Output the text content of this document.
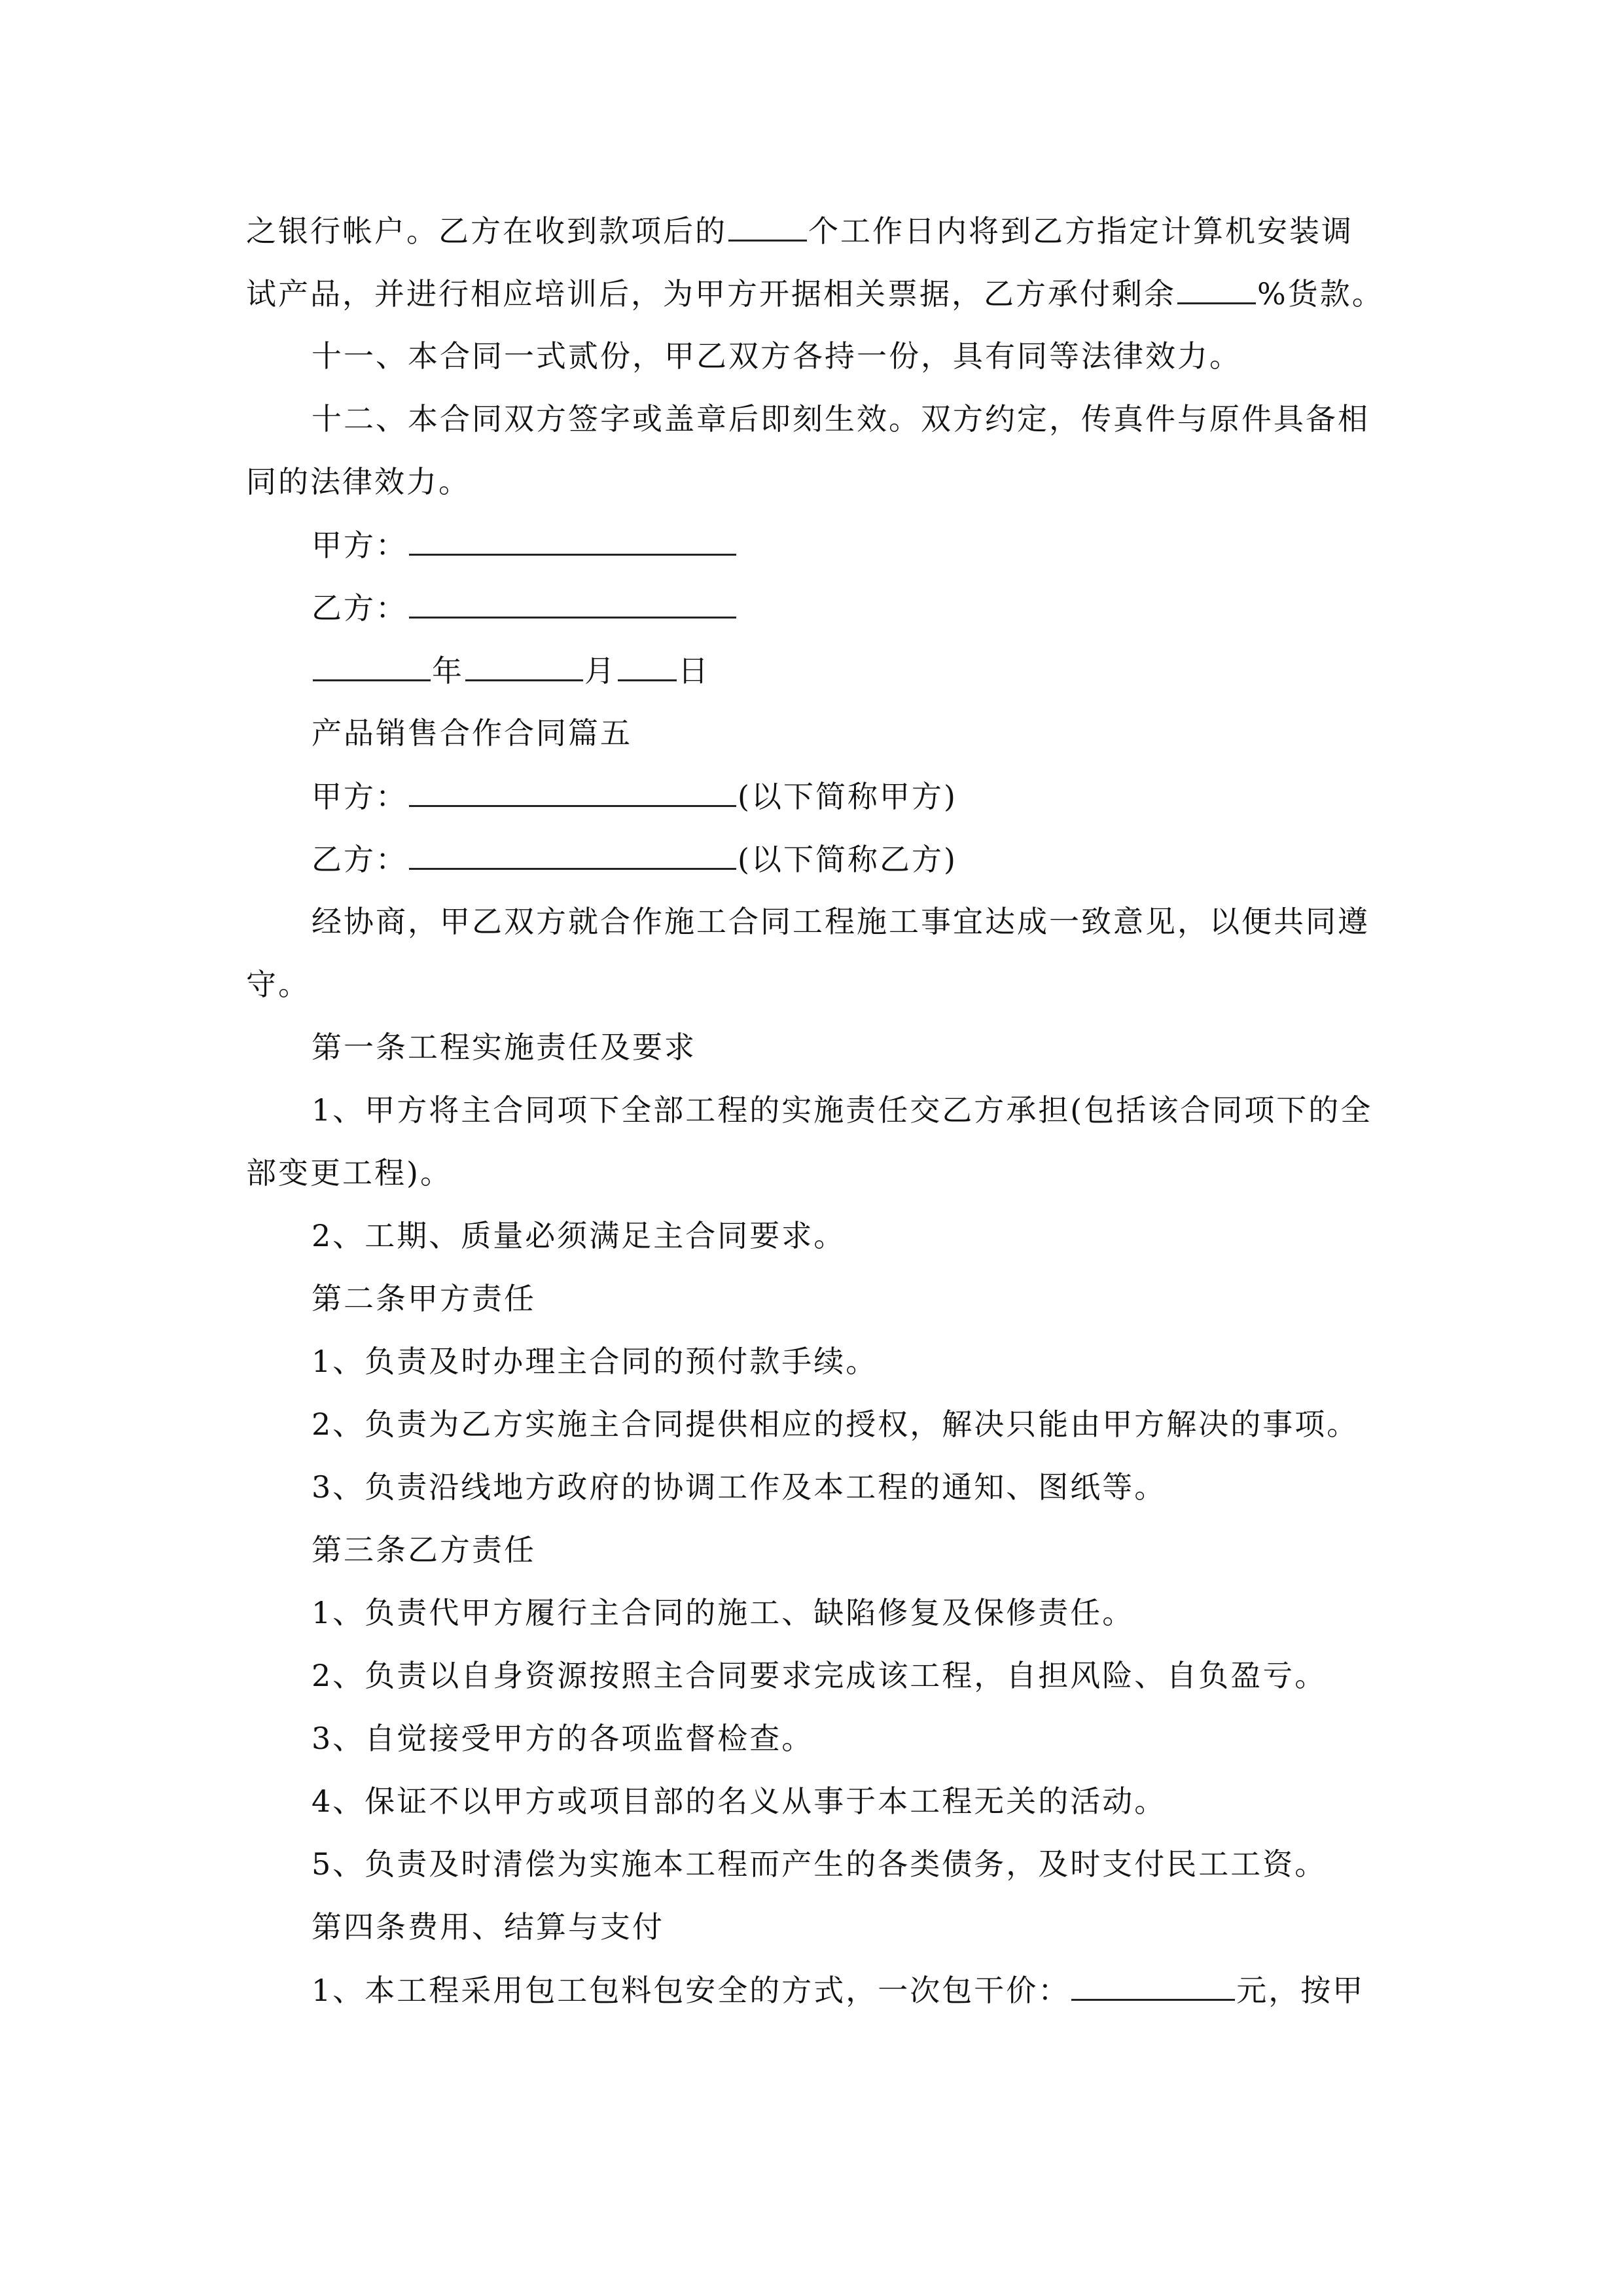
之银行帐户。乙方在收到款项后的	个工作日内将到乙方指定计算机安装调
试产品，并进行相应培训后，为甲方开据相关票据，乙方承付剩余	%货款。
十一、本合同一式贰份，甲乙双方各持一份，具有同等法律效力。
十二、本合同双方签字或盖章后即刻生效。双方约定，传真件与原件具备相
同的法律效力。
甲方：
乙方：
年	月 日
产品销售合作合同篇五
甲方：	(以下简称甲方)
乙方：	(以下简称乙方)
经协商，甲乙双方就合作施工合同工程施工事宜达成一致意见，以便共同遵
守。
第一条工程实施责任及要求
1、甲方将主合同项下全部工程的实施责任交乙方承担(包括该合同项下的全
部变更工程)。
2、工期、质量必须满足主合同要求。
第二条甲方责任
1、负责及时办理主合同的预付款手续。
2、负责为乙方实施主合同提供相应的授权，解决只能由甲方解决的事项。
3、负责沿线地方政府的协调工作及本工程的通知、图纸等。
第三条乙方责任
1、负责代甲方履行主合同的施工、缺陷修复及保修责任。
2、负责以自身资源按照主合同要求完成该工程，自担风险、自负盈亏。
3、自觉接受甲方的各项监督检查。
4、保证不以甲方或项目部的名义从事于本工程无关的活动。
5、负责及时清偿为实施本工程而产生的各类债务，及时支付民工工资。
第四条费用、结算与支付
1、本工程采用包工包料包安全的方式，一次包干价：	元，按甲
